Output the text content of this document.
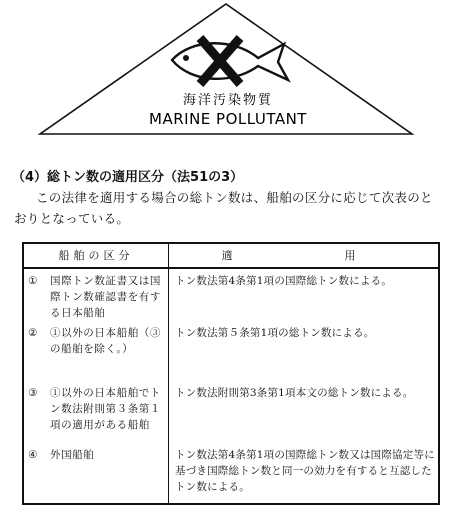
海洋汚染物質
MARINE POLLUTANT
（4）総トン数の適用区分（法51の3）
この法律を適用する場合の総トン数は、船舶の区分に応じて次表のとおりとなっている。
船舶の区分		適　　用
①	国際トン数証書又は国際トン数確認書を有する日本船舶	トン数法第4条第1項の国際総トン数による。
②	①以外の日本船舶（③の船舶を除く。）	トン数法第５条第1項の総トン数による。
③	①以外の日本船舶でトン数法附則第３条第１項の適用がある船舶	トン数法附則第3条第1項本文の総トン数による。
④	外国船舶	トン数法第4条第1項の国際総トン数又は国際協定等に基づき国際総トン数と同一の効力を有すると互認したトン数による。
